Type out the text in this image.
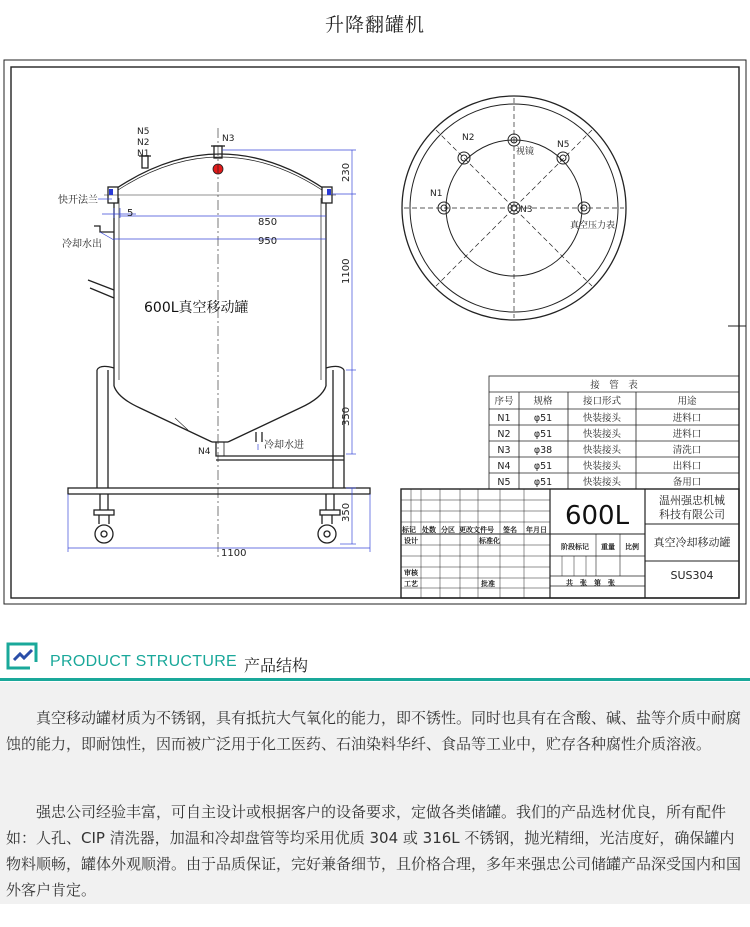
升降翻罐机
N5
N2
N1
N3
N4
快开法兰
冷却水出
冷却水进
5
850
950
1100
230
1100
350
350
600L真空移动罐
N2
视镜
N5
N1
N3
真空压力表
接　管　表
序号 规格	接口形式	用途
N1 φ51	快装接头	进料口
N2 φ51	快装接头	进料口
N3 φ38	快装接头	清洗口
N4 φ51	快装接头	出料口
N5 φ51	快装接头	备用口
标记 处数 分区 更改文件号 签名 年月日
设计	标准化
审核
工艺	批准
阶段标记 重量 比例
共　张　第　张
600L
温州强忠机械
科技有限公司
真空冷却移动罐
SUS304
PRODUCT STRUCTURE 产品结构

真空移动罐材质为不锈钢，具有抵抗大气氧化的能力，即不锈性。同时也具有在含酸、碱、盐等介质中耐腐蚀的能力，即耐蚀性，因而被广泛用于化工医药、石油染料华纤、食品等工业中，贮存各种腐性介质溶液。

强忠公司经验丰富，可自主设计或根据客户的设备要求，定做各类储罐。我们的产品选材优良，所有配件如：人孔、CIP 清洗器，加温和冷却盘管等均采用优质 304 或 316L 不锈钢，抛光精细，光洁度好，确保罐内物料顺畅，罐体外观顺滑。由于品质保证，完好兼备细节，且价格合理，多年来强忠公司储罐产品深受国内和国外客户肯定。
